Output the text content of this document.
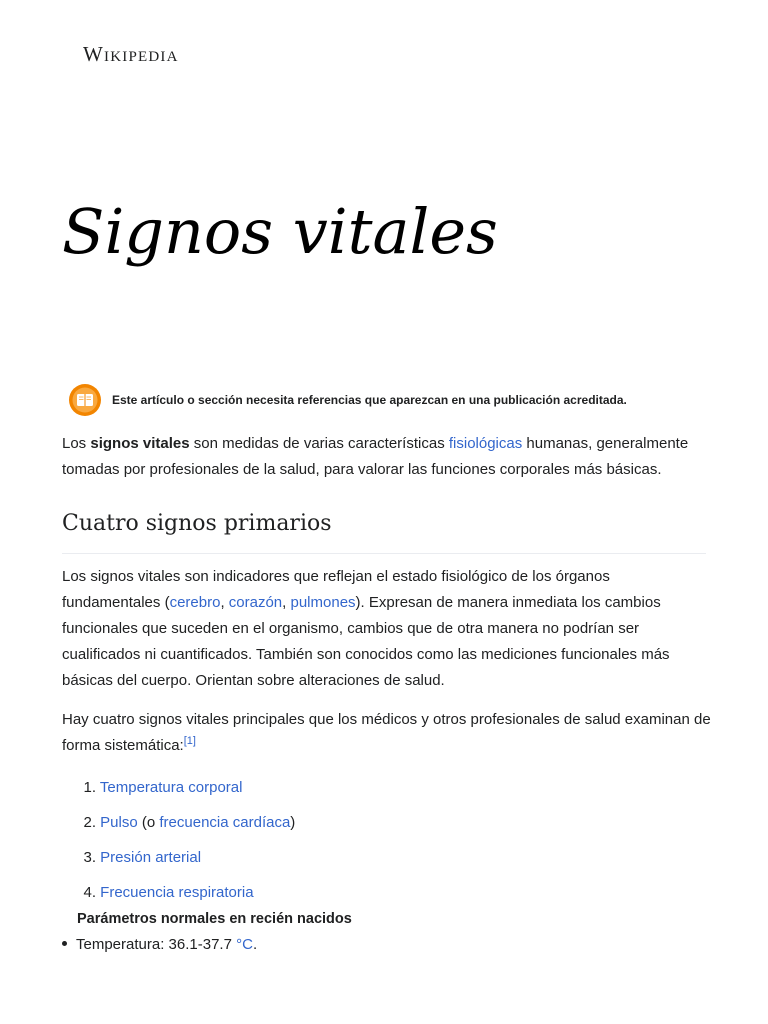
Wikipedia
Signos vitales
Este artículo o sección necesita referencias que aparezcan en una publicación acreditada.

Los signos vitales son medidas de varias características fisiológicas humanas, generalmente tomadas por profesionales de la salud, para valorar las funciones corporales más básicas.

Cuatro signos primarios

Los signos vitales son indicadores que reflejan el estado fisiológico de los órganos fundamentales (cerebro, corazón, pulmones). Expresan de manera inmediata los cambios funcionales que suceden en el organismo, cambios que de otra manera no podrían ser cualificados ni cuantificados. También son conocidos como las mediciones funcionales más básicas del cuerpo. Orientan sobre alteraciones de salud.

Hay cuatro signos vitales principales que los médicos y otros profesionales de salud examinan de forma sistemática:[1]

1. Temperatura corporal
2. Pulso (o frecuencia cardíaca)
3. Presión arterial
4. Frecuencia respiratoria
Parámetros normales en recién nacidos
Temperatura: 36.1-37.7 °C.
